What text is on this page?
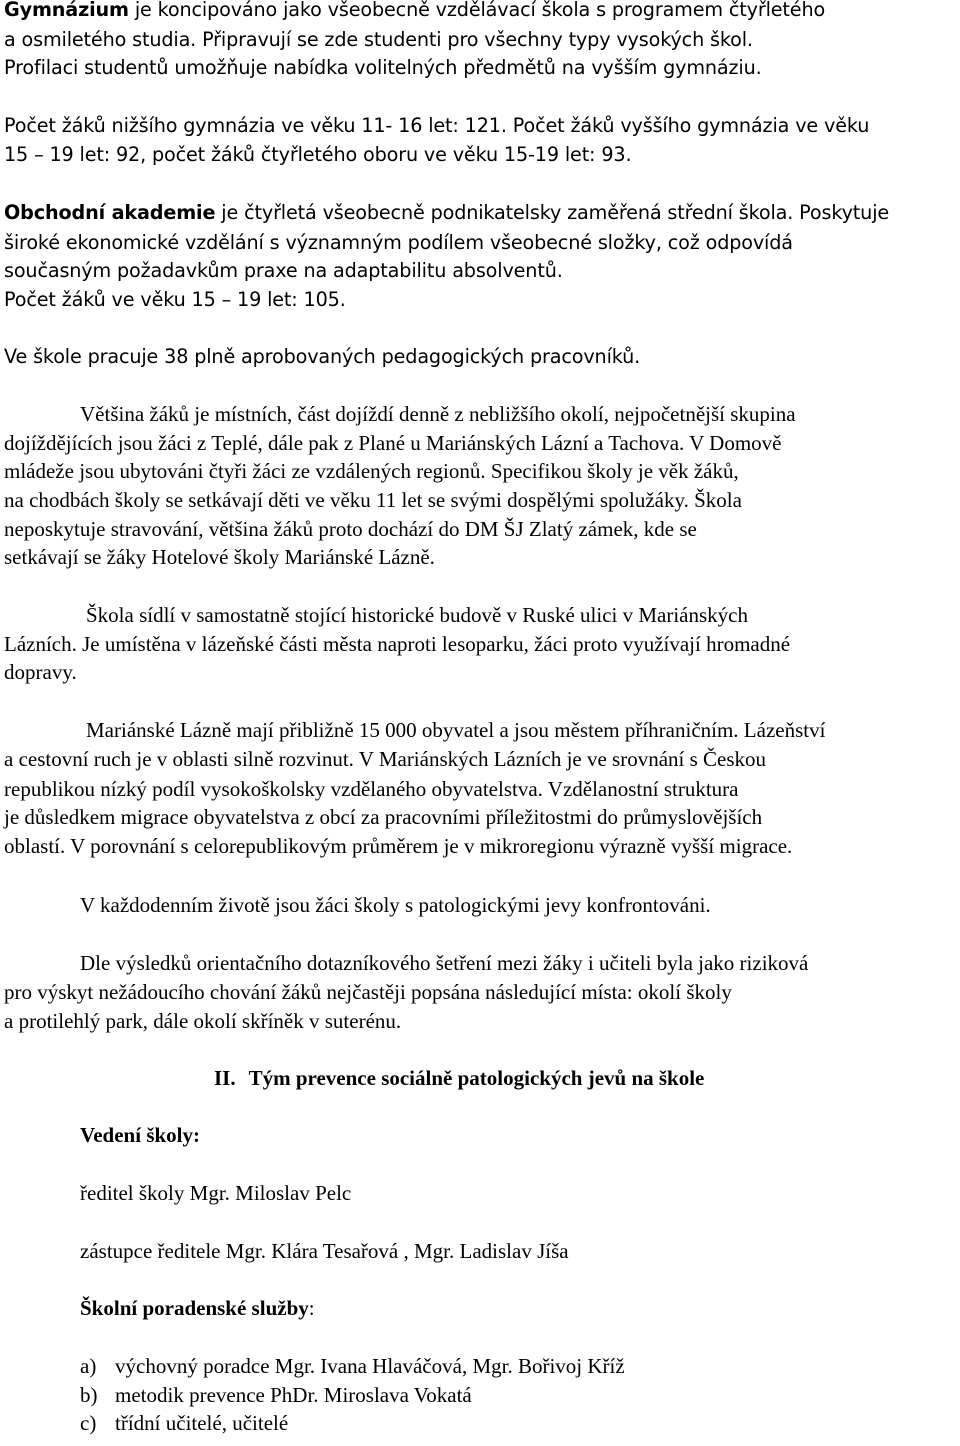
Gymnázium je koncipováno jako všeobecně vzdělávací škola s programem čtyřletého
a osmiletého studia. Připravují se zde studenti pro všechny typy vysokých škol.
Profilaci studentů umožňuje nabídka volitelných předmětů na vyšším gymnáziu.
Počet žáků nižšího gymnázia ve věku 11- 16 let: 121. Počet žáků vyššího gymnázia ve věku
15 – 19 let: 92, počet žáků čtyřletého oboru ve věku 15-19 let: 93.
Obchodní akademie je čtyřletá všeobecně podnikatelsky zaměřená střední škola. Poskytuje
široké ekonomické vzdělání s významným podílem všeobecné složky, což odpovídá
současným požadavkům praxe na adaptabilitu absolventů.
Počet žáků ve věku 15 – 19 let: 105.
Ve škole pracuje 38 plně aprobovaných pedagogických pracovníků.
Většina žáků je místních, část dojíždí denně z nebližšího okolí, nejpočetnější skupina
dojíždějících jsou žáci z Teplé, dále pak z Plané u Mariánských Lázní a Tachova. V Domově
mládeže jsou ubytováni čtyři žáci ze vzdálených regionů. Specifikou školy je věk žáků,
na chodbách školy se setkávají děti ve věku 11 let se svými dospělými spolužáky. Škola
neposkytuje stravování, většina žáků proto dochází do DM ŠJ Zlatý zámek, kde se
setkávají se žáky Hotelové školy Mariánské Lázně.
Škola sídlí v samostatně stojící historické budově v Ruské ulici v Mariánských
Lázních. Je umístěna v lázeňské části města naproti lesoparku, žáci proto využívají hromadné
dopravy.
Mariánské Lázně mají přibližně 15 000 obyvatel a jsou městem příhraničním. Lázeňství
a cestovní ruch je v oblasti silně rozvinut. V Mariánských Lázních je ve srovnání s Českou
republikou nízký podíl vysokoškolsky vzdělaného obyvatelstva. Vzdělanostní struktura
je důsledkem migrace obyvatelstva z obcí za pracovními příležitostmi do průmyslovějších
oblastí. V porovnání s celorepublikovým průměrem je v mikroregionu výrazně vyšší migrace.
V každodenním životě jsou žáci školy s patologickými jevy konfrontováni.
Dle výsledků orientačního dotazníkového šetření mezi žáky i učiteli byla jako riziková
pro výskyt nežádoucího chování žáků nejčastěji popsána následující místa: okolí školy
a protilehlý park, dále okolí skříněk v suterénu.
II. Tým prevence sociálně patologických jevů na škole
Vedení školy:
ředitel školy Mgr. Miloslav Pelc
zástupce ředitele Mgr. Klára Tesařová , Mgr. Ladislav Jíša
Školní poradenské služby:
a) výchovný poradce Mgr. Ivana Hlaváčová, Mgr. Bořivoj Kříž
b) metodik prevence PhDr. Miroslava Vokatá
c) třídní učitelé, učitelé
